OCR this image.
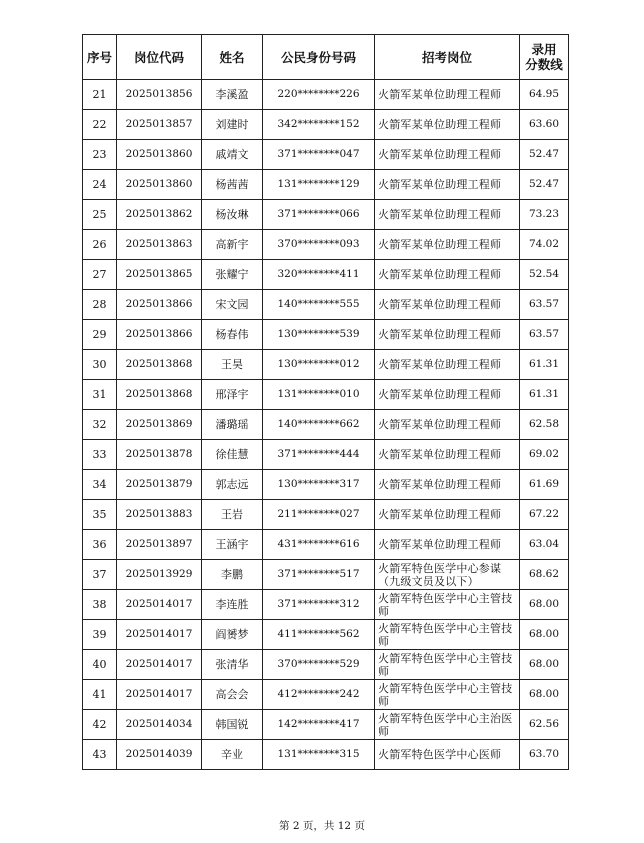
序号	岗位代码	姓名	公民身份号码	招考岗位	录用
分数线
21	2025013856	李溪盈	220********226	火箭军某单位助理工程师	64.95
22	2025013857	刘建时	342********152	火箭军某单位助理工程师	63.60
23	2025013860	戚靖文	371********047	火箭军某单位助理工程师	52.47
24	2025013860	杨茜茜	131********129	火箭军某单位助理工程师	52.47
25	2025013862	杨汝琳	371********066	火箭军某单位助理工程师	73.23
26	2025013863	高新宇	370********093	火箭军某单位助理工程师	74.02
27	2025013865	张耀宁	320********411	火箭军某单位助理工程师	52.54
28	2025013866	宋文园	140********555	火箭军某单位助理工程师	63.57
29	2025013866	杨春伟	130********539	火箭军某单位助理工程师	63.57
30	2025013868	王昊	130********012	火箭军某单位助理工程师	61.31
31	2025013868	邢泽宇	131********010	火箭军某单位助理工程师	61.31
32	2025013869	潘璐瑶	140********662	火箭军某单位助理工程师	62.58
33	2025013878	徐佳慧	371********444	火箭军某单位助理工程师	69.02
34	2025013879	郭志远	130********317	火箭军某单位助理工程师	61.69
35	2025013883	王岩	211********027	火箭军某单位助理工程师	67.22
36	2025013897	王涵宇	431********616	火箭军某单位助理工程师	63.04
37	2025013929	李鹏	371********517	火箭军特色医学中心参谋（九级文员及以下）	68.62
38	2025014017	李连胜	371********312	火箭军特色医学中心主管技师	68.00
39	2025014017	阎赟梦	411********562	火箭军特色医学中心主管技师	68.00
40	2025014017	张清华	370********529	火箭军特色医学中心主管技师	68.00
41	2025014017	高会会	412********242	火箭军特色医学中心主管技师	68.00
42	2025014034	韩国锐	142********417	火箭军特色医学中心主治医师	62.56
43	2025014039	辛业	131********315	火箭军特色医学中心医师	63.70
第 2 页，共 12 页
